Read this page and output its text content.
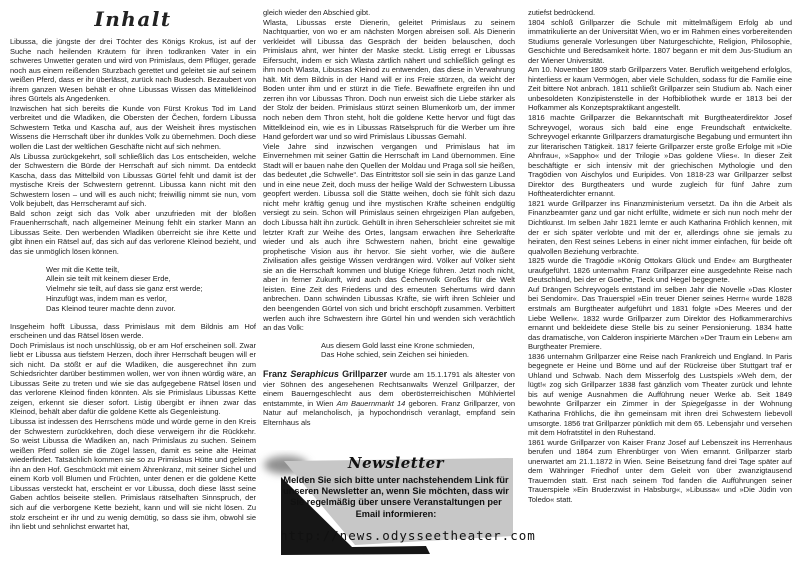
Inhalt

Libussa, die jüngste der drei Töchter des Königs Krokus, ist auf der Suche nach heilenden Kräutern für ihren todkranken Vater in ein schweres Unwetter geraten und wird von Primislaus, dem Pflüger, gerade noch aus einem reißenden Sturzbach gerettet und geleitet sie auf seinem weißen Pferd, dass er ihr überlässt, zurück nach Budesch. Bezaubert von ihrem ganzen Wesen behält er ohne Libussas Wissen das Mittelkleinod ihres Gürtels als Angedenken.

Inzwischen hat sich bereits die Kunde von Fürst Krokus Tod im Land verbreitet und die Wladiken, die Obersten der Čechen, fordern Libussa Schwestern Tetka und Kascha auf, aus der Weisheit ihres mystischen Wissens die Herrschaft über ihr dunkles Volk zu übernehmen. Doch diese wollen die Last der weltlichen Geschäfte nicht auf sich nehmen.

Als Libussa zurückgekehrt, soll schließlich das Los entscheiden, welche der Schwestern die Bürde der Herrschaft auf sich nimmt. Da entdeckt Kascha, dass das Mittelbild von Libussas Gürtel fehlt und damit ist der mystische Kreis der Schwestern getrennt. Libussa kann nicht mit den Schwestern losen – und will es auch nicht; freiwillig nimmt sie nun, vom Volk bejubelt, das Herrscheramt auf sich.

Bald schon zeigt sich das Volk aber unzufrieden mit der bloßen Frauenherrschaft, nach allgemeiner Meinung fehlt ein starker Mann an Libussas Seite. Den werbenden Wladiken überreicht sie ihre Kette und gibt ihnen ein Rätsel auf, das sich auf das verlorene Kleinod bezieht, und das sie unmöglich lösen können.

Wer mit die Kette teilt,
Allein sie teilt mit keinem dieser Erde,
Vielmehr sie teilt, auf dass sie ganz erst werde;
Hinzufügt was, indem man es verlor,
Das Kleinod teurer machte denn zuvor.

Insgeheim hofft Libussa, dass Primislaus mit dem Bildnis am Hof erscheinen und das Rätsel lösen werde.

Doch Primislaus ist noch unschlüssig, ob er am Hof erscheinen soll. Zwar liebt er Libussa aus tiefstem Herzen, doch ihrer Herrschaft beugen will er sich nicht. Da stößt er auf die Wladiken, die ausgerechnet ihn zum Schiedsrichter darüber bestimmen wollen, wer von ihnen würdig wäre, an Libussas Seite zu treten und wie sie das aufgegebene Rätsel lösen und das verlorene Kleinod finden könnten. Als sie Primislaus Libussas Kette zeigen, erkennt sie dieser sofort. Listig übergibt er ihnen zwar das Kleinod, behält aber dafür die goldene Kette als Gegenleistung.

Libussa ist indessen des Herrschens müde und würde gerne in den Kreis der Schwestern zurückkehren, doch diese verweigern ihr die Rückkehr. So weist Libussa die Wladiken an, nach Primislaus zu suchen. Seinem weißen Pferd sollen sie die Zügel lassen, damit es seine alte Heimat wiederfindet. Tatsächlich kommen sie so zu Primislaus Hütte und geleiten ihn an den Hof. Geschmückt mit einem Ährenkranz, mit seiner Sichel und einem Korb voll Blumen und Früchten, unter denen er die goldene Kette Libussas versteckt hat, erscheint er vor Libussa, doch diese lässt seine Gaben achtlos beiseite stellen. Primislaus rätselhaften Sinnspruch, der sich auf die verborgene Kette bezieht, kann und will sie nicht lösen. Zu stolz erscheint er ihr und zu wenig demütig, so dass sie ihm, obwohl sie ihn liebt und sehnlichst erwartet hat,

gleich wieder den Abschied gibt.

Wlasta, Libussas erste Dienerin, geleitet Primislaus zu seinem Nachtquartier, von wo er am nächsten Morgen abreisen soll. Als Dienerin verkleidet will Libussa das Gespräch der beiden belauschen, doch Primislaus ahnt, wer hinter der Maske steckt. Listig erregt er Libussas Eifersucht, indem er sich Wlasta zärtlich nähert und schließlich gelingt es ihm noch Wlasta, Libussas Kleinod zu entwenden, das diese in Verwahrung hält. Mit dem Bildnis in der Hand will er ins Freie stürzen, da weicht der Boden unter ihm und er stürzt in die Tiefe. Bewaffnete ergreifen ihn und zerren ihn vor Libussas Thron. Doch nun erweist sich die Liebe stärker als der Stolz der beiden. Primislaus stürzt seinen Blumenkorb um, der immer noch neben dem Thron steht, holt die goldene Kette hervor und fügt das Mittelkleinod ein, wie es in Libussas Rätselspruch für die Werber um ihre Hand gefordert war und so wird Primislaus Libussas Gemahl.

Viele Jahre sind inzwischen vergangen und Primislaus hat im Einvernehmen mit seiner Gattin die Herrschaft im Land übernommen. Eine Stadt will er bauen nahe den Quellen der Moldau und Praga soll sie heißen, das bedeutet „die Schwelle“. Das Eintrittstor soll sie sein in das ganze Land und in eine neue Zeit, doch muss der heilige Wald der Schwestern Libussa geopfert werden. Libussa soll die Stätte weihen, doch sie fühlt sich dazu nicht mehr kräftig genug und ihre mystischen Kräfte scheinen endgültig versiegt zu sein. Schon will Primislaus seinen ehrgeizigen Plan aufgeben, doch Libussa hält ihn zurück. Gehüllt in ihren Seherschleier schreitet sie mit letzter Kraft zur Weihe des Ortes, langsam erwachen ihre Seherkräfte wieder und als auch ihre Schwestern nahen, bricht eine gewaltige prophetische Vision aus ihr hervor. Sie sieht vorher, wie die äußere Zivilisation alles geistige Wissen verdrängen wird. Völker auf Völker sieht sie an die Herrschaft kommen und blutige Kriege führen. Jetzt noch nicht, aber in ferner Zukunft, wird auch das Čechenvolk Großes für die Welt leisten. Eine Zeit des Friedens und des erneuten Sehertums wird dann anbrechen. Dann schwinden Libussas Kräfte, sie wirft ihren Schleier und den beengenden Gürtel von sich und bricht erschöpft zusammen. Verbittert werfen auch ihre Schwestern ihre Gürtel hin und wenden sich verächtlich an das Volk:

Aus diesem Gold lasst eine Krone schmieden,
Das Hohe schied, sein Zeichen sei hinieden.

Franz Seraphicus Grillparzer wurde am 15.1.1791 als ältester von vier Söhnen des angesehenen Rechtsanwalts Wenzel Grillparzer, der einem Bauerngeschlecht aus dem oberösterreichischen Mühlviertel entstammte, in Wien Am Bauernmarkt 14 geboren. Franz Grillparzer, von Natur auf melancholisch, ja hypochondrisch veranlagt, empfand sein Elternhaus als

zutiefst bedrückend.

1804 schloß Grillparzer die Schule mit mittelmäßigem Erfolg ab und immatrikulierte an der Universität Wien, wo er im Rahmen eines vorbereitenden Studiums generale Vorlesungen über Naturgeschichte, Religion, Philosophie, Geschichte und Beredsamkeit hörte. 1807 begann er mit dem Jus-Studium an der Wiener Universität.

Am 10. November 1809 starb Grillparzers Vater. Beruflich weitgehend erfolglos, hinterliess er kaum Vermögen, aber viele Schulden, sodass für die Familie eine Zeit bittere Not anbrach. 1811 schließt Grillparzer sein Studium ab. Nach einer unbesoldeten Konzipistenstelle in der Hofbibliothek wurde er 1813 bei der Hofkammer als Konzeptspraktikant angestellt.

1816 machte Grillparzer die Bekanntschaft mit Burgtheaterdirektor Josef Schreyvogel, woraus sich bald eine enge Freundschaft entwickelte. Schreyvogel erkannte Grillparzers dramaturgische Begabung und ermuntert ihn zur literarischen Tätigkeit. 1817 feierte Grillparzer erste große Erfolge mit »Die Ahnfrau«, »Sappho« und der Trilogie »Das goldene Vlies«. In dieser Zeit beschäftigte er sich intensiv mit der griechischen Mythologie und den Tragödien von Aischylos und Euripides. Von 1818-23 war Grillparzer selbst Direktor des Burgtheaters und wurde zugleich für fünf Jahre zum Hoftheaterdichter ernannt.

1821 wurde Grillparzer ins Finanzministerium versetzt. Da ihn die Arbeit als Finanzbeamter ganz und gar nicht erfüllte, widmete er sich nun noch mehr der Dichtkunst. Im selben Jahr 1821 lernte er auch Katharina Fröhlich kennen, mit der er sich später verlobte und mit der er, allerdings ohne sie jemals zu heiraten, den Rest seines Lebens in einer nicht immer einfachen, für beide oft qualvollen Beziehung verbrachte.

1825 wurde die Tragödie »König Ottokars Glück und Ende« am Burgtheater uraufgeführt. 1826 unternahm Franz Grillparzer eine ausgedehnte Reise nach Deutschland, bei der er Goethe, Tieck und Hegel begegnete.

Auf Drängen Schreyvogels entstand im selben Jahr die Novelle »Das Kloster bei Sendomir«. Das Trauerspiel »Ein treuer Diener seines Herrn« wurde 1828 erstmals am Burgtheater aufgeführt und 1831 folgte »Des Meeres und der Liebe Wellen«. 1832 wurde Grillparzer zum Direktor des Hofkammerarchivs ernannt und bekleidete diese Stelle bis zu seiner Pensionierung. 1834 hatte das dramatische, von Calderon inspirierte Märchen »Der Traum ein Leben« am Burgtheater Premiere.

1836 unternahm Grillparzer eine Reise nach Frankreich und England. In Paris begegnete er Heine und Börne und auf der Rückreise über Stuttgart traf er Uhland und Schwab. Nach dem Misserfolg des Lustspiels »Weh dem, der lügt!« zog sich Grillparzer 1838 fast gänzlich vom Theater zurück und lehnte bis auf wenige Ausnahmen die Aufführung neuer Werke ab. Seit 1849 bewohnte Grillparzer ein Zimmer in der Spiegelgasse in der Wohnung Katharina Fröhlichs, die ihn gemeinsam mit ihren drei Schwestern liebevoll umsorgte. 1856 trat Grillparzer pünktlich mit dem 65. Lebensjahr und versehen mit dem Hofratstitel in den Ruhestand.

1861 wurde Grillparzer von Kaiser Franz Josef auf Lebenszeit ins Herrenhaus berufen und 1864 zum Ehrenbürger von Wien ernannt. Grillparzer starb unerwartet am 21.1.1872 in Wien. Seine Beisetzung fand drei Tage später auf dem Währinger Friedhof unter dem Geleit von über zwanzigtausend Trauernden statt. Erst nach seinem Tod fanden die Aufführungen seiner Trauerspiele »Ein Bruderzwist in Habsburg«, »Libussa« und »Die Jüdin von Toledo« statt.

Newsletter

Melden Sie sich bitte unter nachstehendem Link für unseren Newsletter an, wenn Sie möchten, dass wir Sie regelmäßig über unsere Veranstaltungen per Email informieren:

http://news.odysseetheater.com
